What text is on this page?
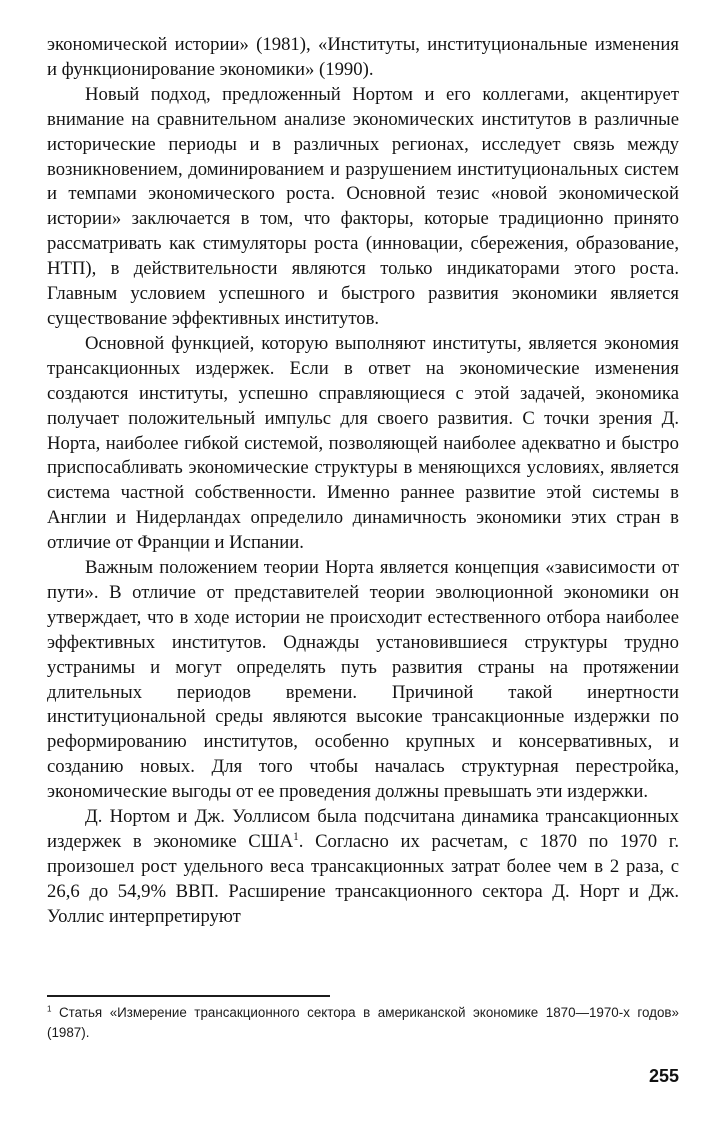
экономической истории» (1981), «Институты, институциональные изменения и функционирование экономики» (1990).

Новый подход, предложенный Нортом и его коллегами, акцентирует внимание на сравнительном анализе экономических институтов в различные исторические периоды и в различных регионах, исследует связь между возникновением, доминированием и разрушением институциональных систем и темпами экономического роста. Основной тезис «новой экономической истории» заключается в том, что факторы, которые традиционно принято рассматривать как стимуляторы роста (инновации, сбережения, образование, НТП), в действительности являются только индикаторами этого роста. Главным условием успешного и быстрого развития экономики является существование эффективных институтов.

Основной функцией, которую выполняют институты, является экономия трансакционных издержек. Если в ответ на экономические изменения создаются институты, успешно справляющиеся с этой задачей, экономика получает положительный импульс для своего развития. С точки зрения Д. Норта, наиболее гибкой системой, позволяющей наиболее адекватно и быстро приспосабливать экономические структуры в меняющихся условиях, является система частной собственности. Именно раннее развитие этой системы в Англии и Нидерландах определило динамичность экономики этих стран в отличие от Франции и Испании.

Важным положением теории Норта является концепция «зависимости от пути». В отличие от представителей теории эволюционной экономики он утверждает, что в ходе истории не происходит естественного отбора наиболее эффективных институтов. Однажды установившиеся структуры трудно устранимы и могут определять путь развития страны на протяжении длительных периодов времени. Причиной такой инертности институциональной среды являются высокие трансакционные издержки по реформированию институтов, особенно крупных и консервативных, и созданию новых. Для того чтобы началась структурная перестройка, экономические выгоды от ее проведения должны превышать эти издержки.

Д. Нортом и Дж. Уоллисом была подсчитана динамика трансакционных издержек в экономике США$^1$. Согласно их расчетам, с 1870 по 1970 г. произошел рост удельного веса трансакционных затрат более чем в 2 раза, с 26,6 до 54,9% ВВП. Расширение трансакционного сектора Д. Норт и Дж. Уоллис интерпретируют

$^1$ Статья «Измерение трансакционного сектора в американской экономике 1870—1970-х годов» (1987).
255
